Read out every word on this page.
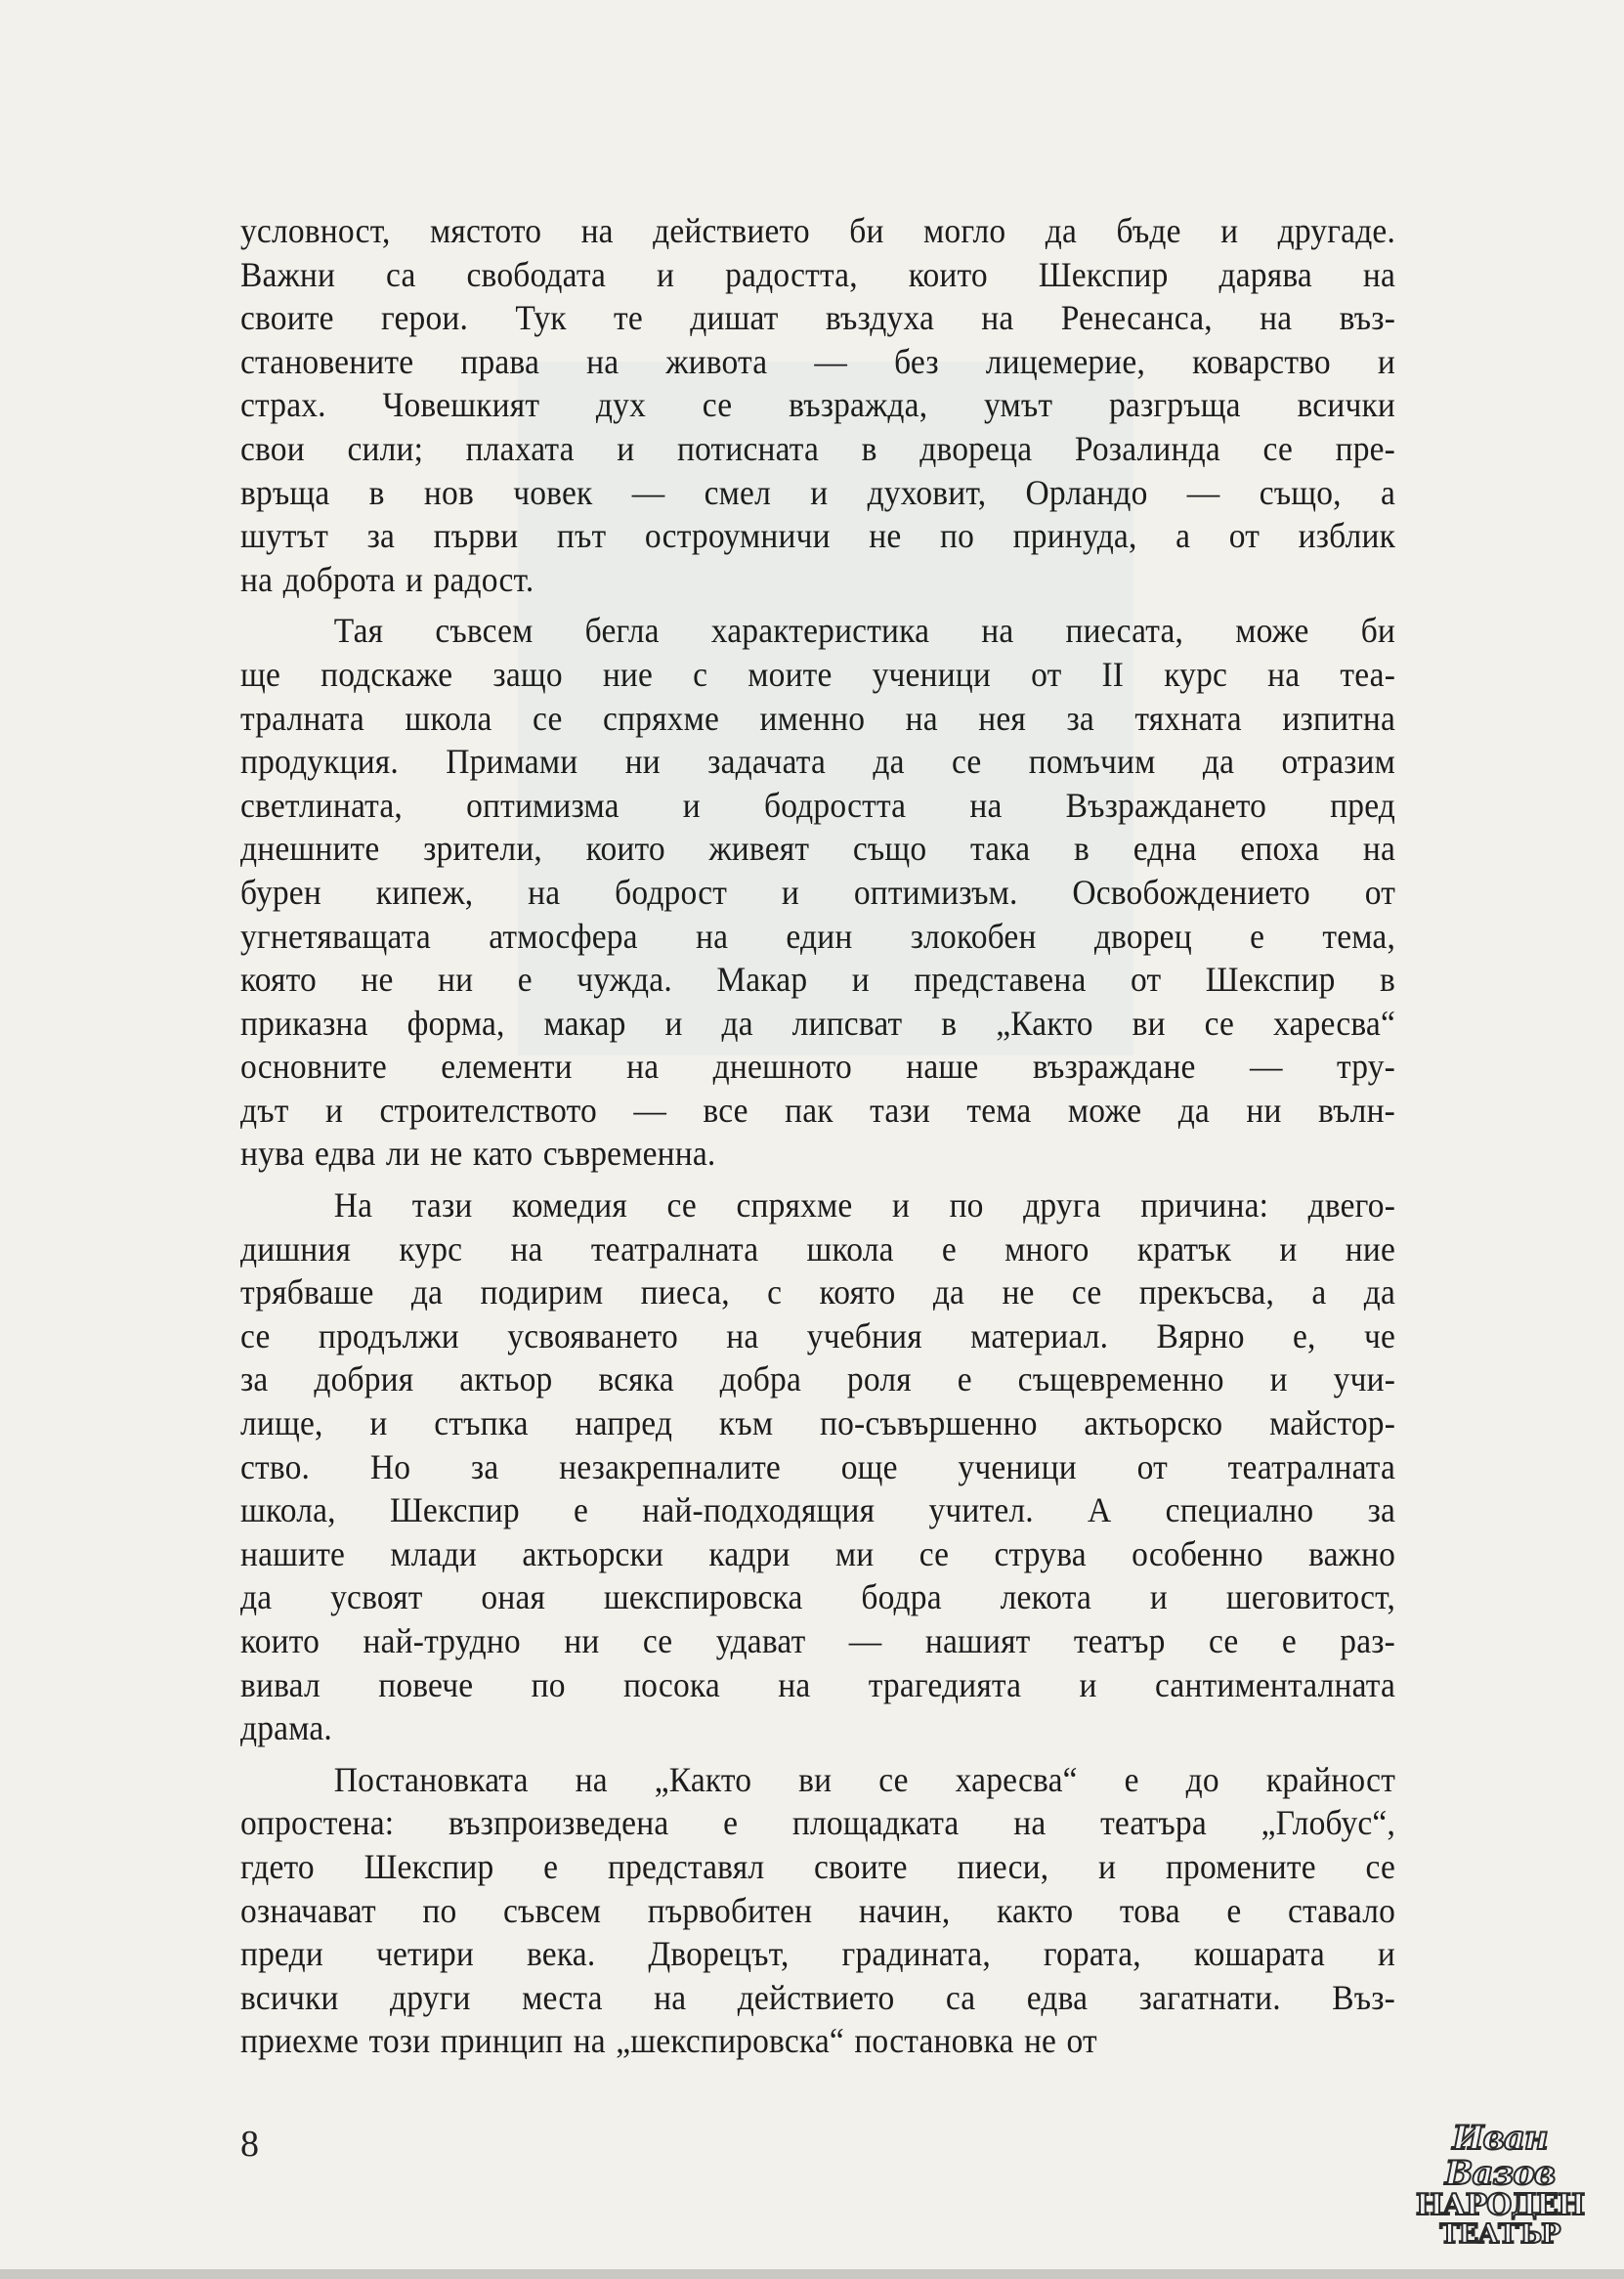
условност, мястото на действието би могло да бъде и другаде.
Важни са свободата и радостта, които Шекспир дарява на
своите герои. Тук те дишат въздуха на Ренесанса, на въз-
становените права на живота — без лицемерие, коварство и
страх. Човешкият дух се възражда, умът разгръща всички
свои сили; плахата и потисната в двореца Розалинда се пре-
връща в нов човек — смел и духовит, Орландо — също, а
шутът за първи път остроумничи не по принуда, а от изблик
на доброта и радост.

Тая съвсем бегла характеристика на пиесата, може би
ще подскаже защо ние с моите ученици от II курс на теа-
тралната школа се спряхме именно на нея за тяхната изпитна
продукция. Примами ни задачата да се помъчим да отразим
светлината, оптимизма и бодростта на Възраждането пред
днешните зрители, които живеят също така в една епоха на
бурен кипеж, на бодрост и оптимизъм. Освобождението от
угнетяващата атмосфера на един злокобен дворец е тема,
която не ни е чужда. Макар и представена от Шекспир в
приказна форма, макар и да липсват в „Както ви се харесва“
основните елементи на днешното наше възраждане — тру-
дът и строителството — все пак тази тема може да ни вълн-
нува едва ли не като съвременна.

На тази комедия се спряхме и по друга причина: двего-
дишния курс на театралната школа е много кратък и ние
трябваше да подирим пиеса, с която да не се прекъсва, а да
се продължи усвояването на учебния материал. Вярно е, че
за добрия актьор всяка добра роля е същевременно и учи-
лище, и стъпка напред към по-съвършенно актьорско майстор-
ство. Но за незакрепналите още ученици от театралната
школа, Шекспир е най-подходящия учител. А специално за
нашите млади актьорски кадри ми се струва особенно важно
да усвоят оная шекспировска бодра лекота и шеговитост,
които най-трудно ни се удават — нашият театър се е раз-
вивал повече по посока на трагедията и сантименталната
драма.

Постановката на „Както ви се харесва“ е до крайност
опростена: възпроизведена е площадката на театъра „Глобус“,
гдето Шекспир е представял своите пиеси, и промените се
означават по съвсем първобитен начин, както това е ставало
преди четири века. Дворецът, градината, гората, кошарата и
всички други места на действието са едва загатнати. Въз-
приехме този принцип на „шекспировска“ постановка не от

8	Иван Вазов
НАРОДЕН
ТЕАТЪР
